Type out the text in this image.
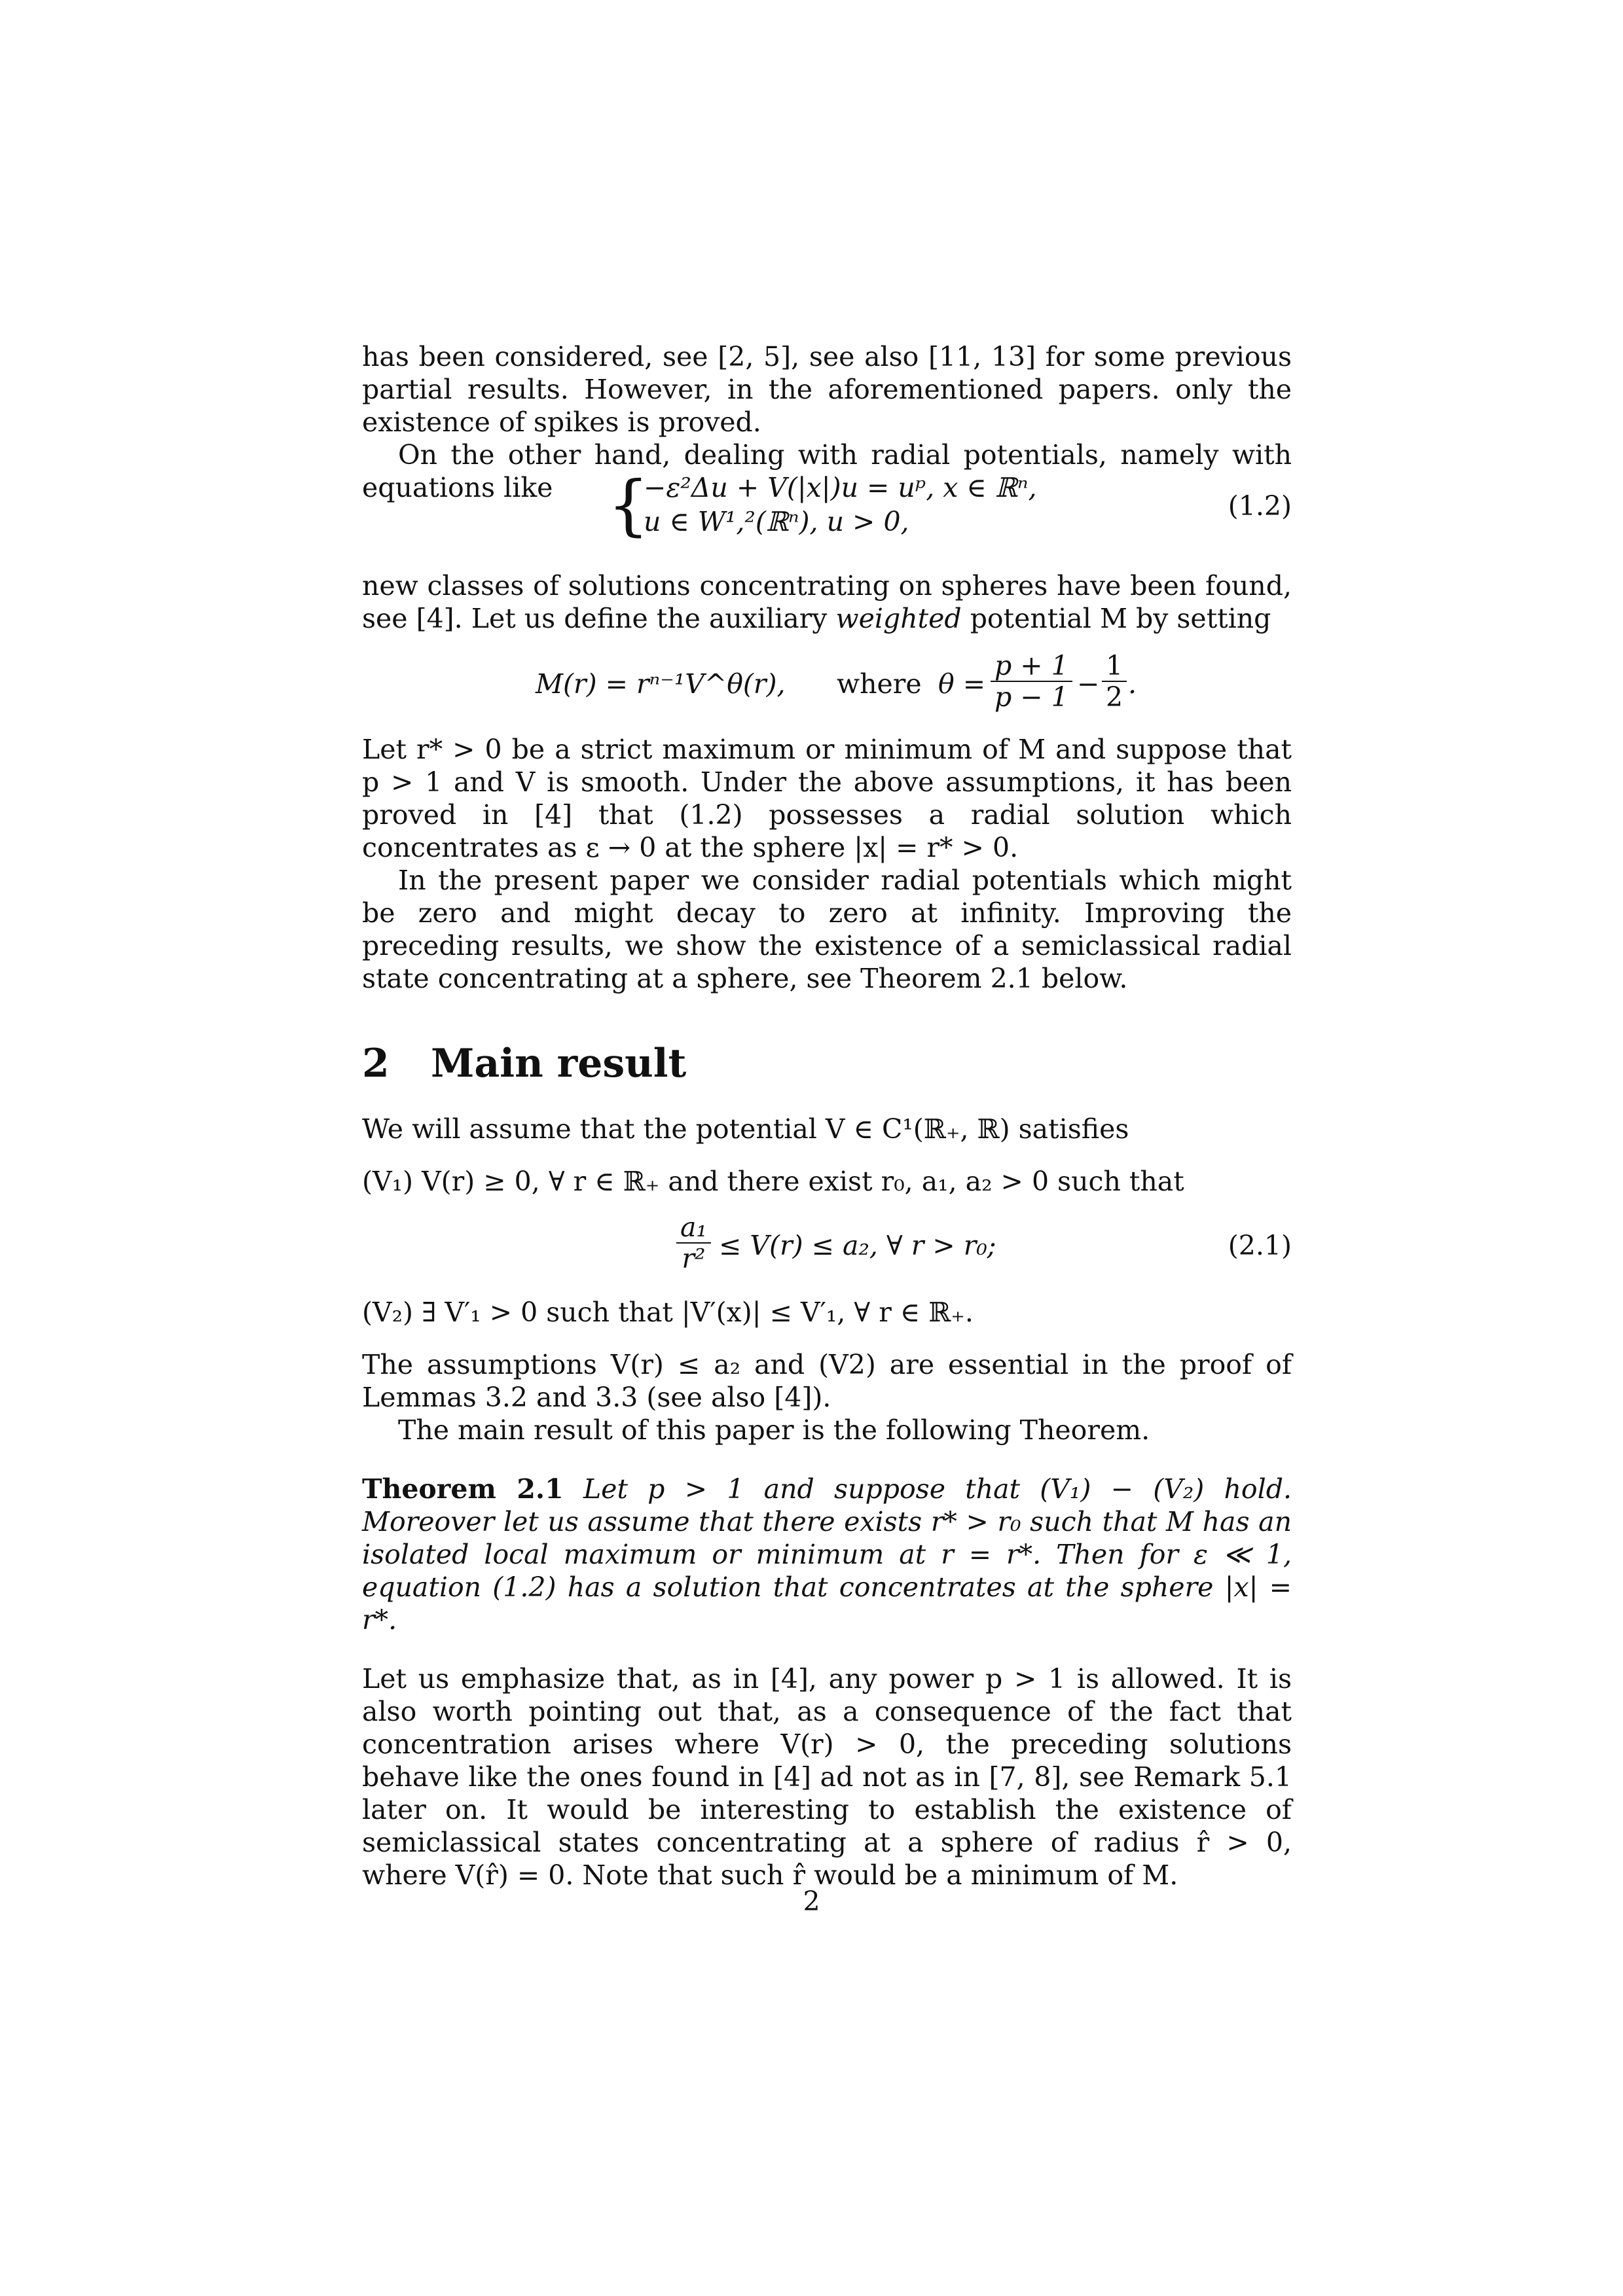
has been considered, see [2, 5], see also [11, 13] for some previous partial results. However, in the aforementioned papers. only the existence of spikes is proved.

On the other hand, dealing with radial potentials, namely with equations like {
−ε²Δu + V(|x|)u = uᵖ, x ∈ ℝⁿ,
u ∈ W¹,²(ℝⁿ), u > 0,	(1.2)

new classes of solutions concentrating on spheres have been found, see [4]. Let us define the auxiliary weighted potential M by setting

M(r) = rⁿ⁻¹V^θ(r), where $\theta = \frac{p + 1}{p - 1} - \frac{1}{2}$ .

Let r* > 0 be a strict maximum or minimum of M and suppose that p > 1 and V is smooth. Under the above assumptions, it has been proved in [4] that (1.2) possesses a radial solution which concentrates as ε → 0 at the sphere |x| = r* > 0.

In the present paper we consider radial potentials which might be zero and might decay to zero at infinity. Improving the preceding results, we show the existence of a semiclassical radial state concentrating at a sphere, see Theorem 2.1 below.

2 Main result

We will assume that the potential V ∈ C¹(ℝ₊, ℝ) satisfies

(V₁) V(r) ≥ 0, ∀ r ∈ ℝ₊ and there exist r₀, a₁, a₂ > 0 such that

$\frac{\text{a₁}}{\text{r²}} \le V(r) \le a_2$, ∀ r > r₀;	(2.1)

(V₂) ∃ V′₁ > 0 such that |V′(x)| ≤ V′₁, ∀ r ∈ ℝ₊.

The assumptions V(r) ≤ a₂ and (V2) are essential in the proof of Lemmas 3.2 and 3.3 (see also [4]).

The main result of this paper is the following Theorem.

Theorem 2.1 Let p > 1 and suppose that (V₁) − (V₂) hold. Moreover let us assume that there exists r* > r₀ such that M has an isolated local maximum or minimum at r = r*. Then for ε ≪ 1, equation (1.2) has a solution that concentrates at the sphere |x| = r*.

Let us emphasize that, as in [4], any power p > 1 is allowed. It is also worth pointing out that, as a consequence of the fact that concentration arises where V(r) > 0, the preceding solutions behave like the ones found in [4] ad not as in [7, 8], see Remark 5.1 later on. It would be interesting to establish the existence of semiclassical states concentrating at a sphere of radius r̂ > 0, where V(r̂) = 0. Note that such r̂ would be a minimum of M.

2
